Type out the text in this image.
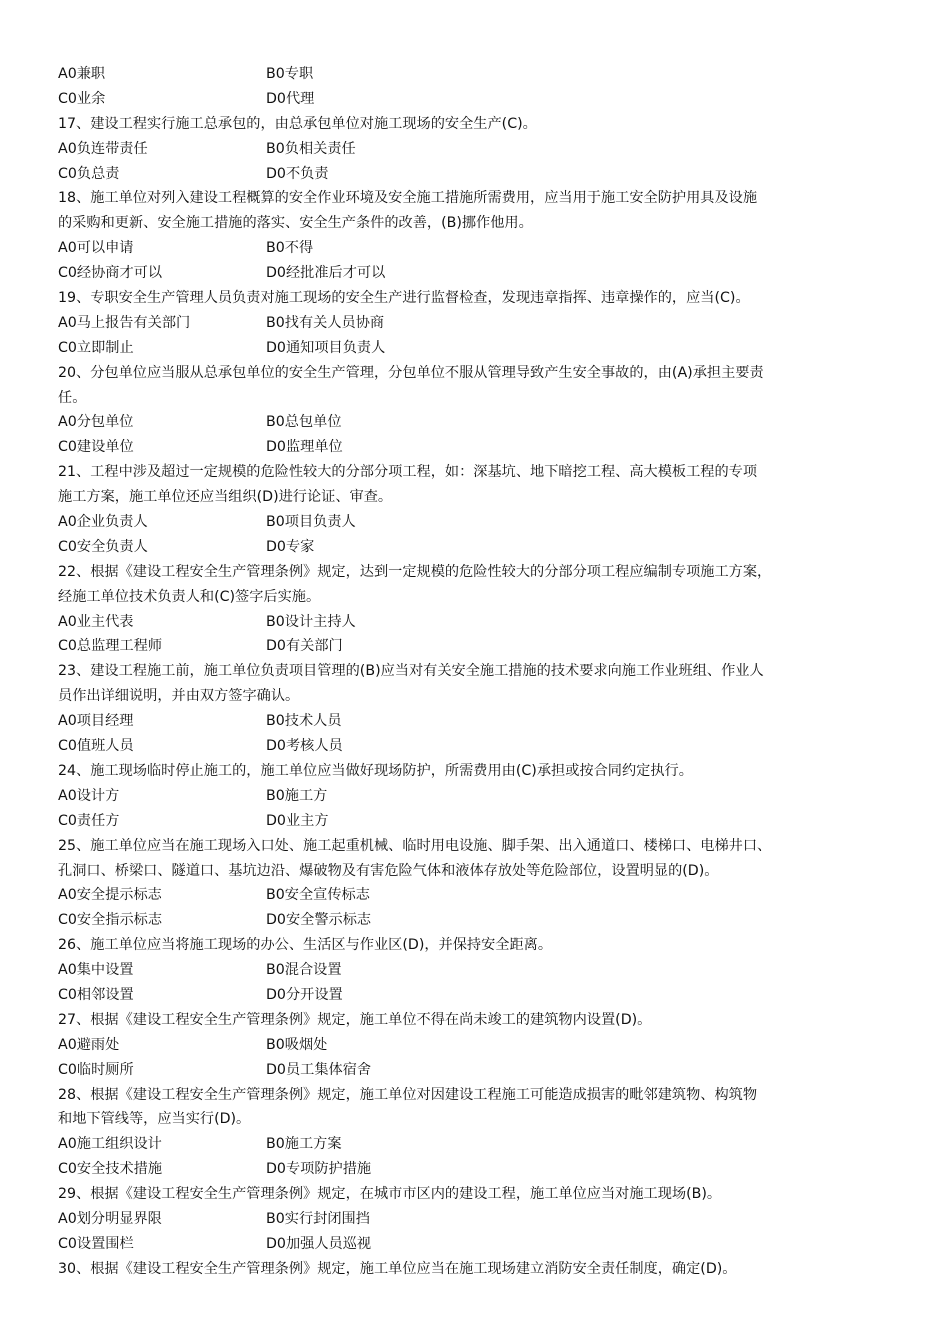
A0兼职	B0专职
C0业余	D0代理
17、建设工程实行施工总承包的，由总承包单位对施工现场的安全生产(C)。
A0负连带责任	B0负相关责任
C0负总责	D0不负责
18、施工单位对列入建设工程概算的安全作业环境及安全施工措施所需费用，应当用于施工安全防护用具及设施
的采购和更新、安全施工措施的落实、安全生产条件的改善，(B)挪作他用。
A0可以申请	B0不得
C0经协商才可以	D0经批准后才可以
19、专职安全生产管理人员负责对施工现场的安全生产进行监督检查，发现违章指挥、违章操作的，应当(C)。
A0马上报告有关部门	B0找有关人员协商
C0立即制止	D0通知项目负责人
20、分包单位应当服从总承包单位的安全生产管理，分包单位不服从管理导致产生安全事故的，由(A)承担主要责
任。
A0分包单位	B0总包单位
C0建设单位	D0监理单位
21、工程中涉及超过一定规模的危险性较大的分部分项工程，如：深基坑、地下暗挖工程、高大模板工程的专项
施工方案，施工单位还应当组织(D)进行论证、审查。
A0企业负责人	B0项目负责人
C0安全负责人	D0专家
22、根据《建设工程安全生产管理条例》规定，达到一定规模的危险性较大的分部分项工程应编制专项施工方案，
经施工单位技术负责人和(C)签字后实施。
A0业主代表	B0设计主持人
C0总监理工程师	D0有关部门
23、建设工程施工前，施工单位负责项目管理的(B)应当对有关安全施工措施的技术要求向施工作业班组、作业人
员作出详细说明，并由双方签字确认。
A0项目经理	B0技术人员
C0值班人员	D0考核人员
24、施工现场临时停止施工的，施工单位应当做好现场防护，所需费用由(C)承担或按合同约定执行。
A0设计方	B0施工方
C0责任方	D0业主方
25、施工单位应当在施工现场入口处、施工起重机械、临时用电设施、脚手架、出入通道口、楼梯口、电梯井口、
孔洞口、桥梁口、隧道口、基坑边沿、爆破物及有害危险气体和液体存放处等危险部位，设置明显的(D)。
A0安全提示标志	B0安全宣传标志
C0安全指示标志	D0安全警示标志
26、施工单位应当将施工现场的办公、生活区与作业区(D)，并保持安全距离。
A0集中设置	B0混合设置
C0相邻设置	D0分开设置
27、根据《建设工程安全生产管理条例》规定，施工单位不得在尚未竣工的建筑物内设置(D)。
A0避雨处	B0吸烟处
C0临时厕所	D0员工集体宿舍
28、根据《建设工程安全生产管理条例》规定，施工单位对因建设工程施工可能造成损害的毗邻建筑物、构筑物
和地下管线等，应当实行(D)。
A0施工组织设计	B0施工方案
C0安全技术措施	D0专项防护措施
29、根据《建设工程安全生产管理条例》规定，在城市市区内的建设工程，施工单位应当对施工现场(B)。
A0划分明显界限	B0实行封闭围挡
C0设置围栏	D0加强人员巡视
30、根据《建设工程安全生产管理条例》规定，施工单位应当在施工现场建立消防安全责任制度，确定(D)。
